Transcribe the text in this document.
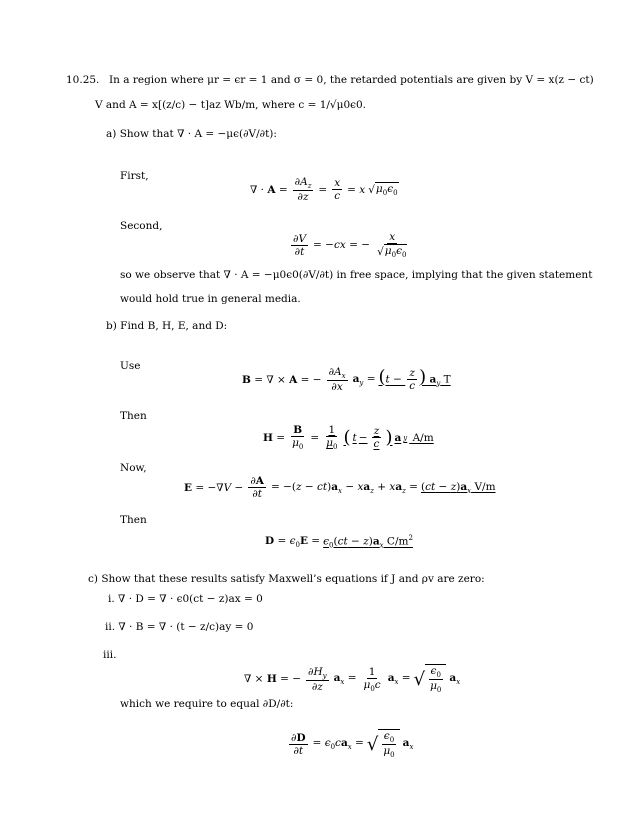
10.25. In a region where μr = ϵr = 1 and σ = 0, the retarded potentials are given by V = x(z − ct)
V and A = x[(z/c) − t]az Wb/m, where c = 1/√μ0ϵ0.
a) Show that ∇ · A = −μϵ(∂V/∂t):
First,
∇ · $A = \frac{\partial A_z}{\partial z} = \frac{x}{c} = x$ √ $\mu_0\epsilon_0$
Second,
$\frac{\partial V}{\partial t} = -cx$ = − $\frac{x}{√ \mu_0\epsilon_0}$
so we observe that ∇ · A = −μ0ϵ0(∂V/∂t) in free space, implying that the given statement
would hold true in general media.
b) Find B, H, E, and D:
Use
B = ∇ × A = − $\frac{\partial A_x}{\partial x} a_y = (t - \frac{z}{c}$ ) $a_y$ T
Then
$H = \frac{B}{\mu_0} = \frac{1}{\mu_0}$ ( $t - \frac{z}{c}$ ) a y A/m
Now,
$E = -\nabla V - \frac{\partial A}{\partial t} = -(z - ct)a_x - xa_z + xa_z = (ct - z)a_x$ V/m
Then
$D = \epsilon_0E = \epsilon_0(ct - z)a_x$ $C/m^2$
c) Show that these results satisfy Maxwell’s equations if J and ρv are zero:
i. ∇ · D = ∇ · ϵ0(ct − z)ax = 0
ii. ∇ · B = ∇ · (t − z/c)ay = 0
iii.
∇ × H = − $\frac{\partial H_y}{\partial z} a_x = \frac{1}{\mu_0c} a_x$ = √ $\frac{\epsilon_0}{\mu_0} a_x$
which we require to equal ∂D/∂t:
$\frac{\partial D}{\partial t} = \epsilon_0ca_x$ = √ $\frac{\epsilon_0}{\mu_0} a_x$
